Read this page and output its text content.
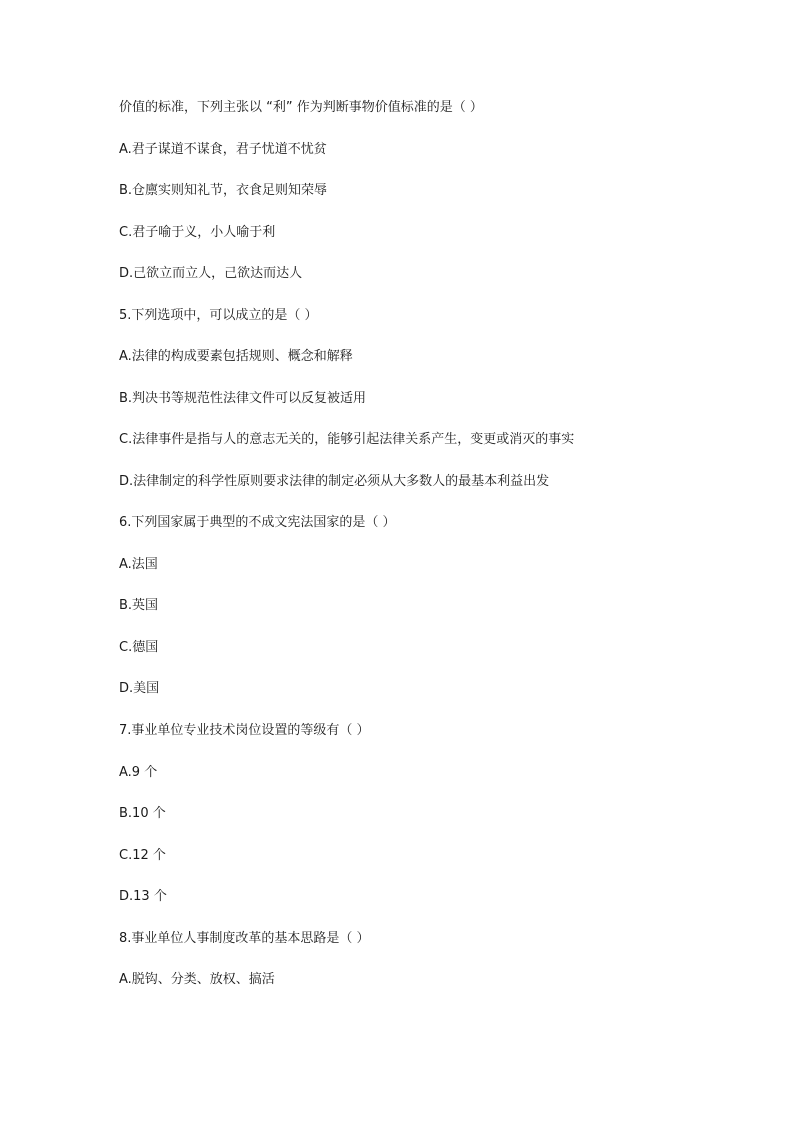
价值的标准，下列主张以 “利” 作为判断事物价值标准的是（ ）
A.君子谋道不谋食，君子忧道不忧贫
B.仓廪实则知礼节，衣食足则知荣辱
C.君子喻于义，小人喻于利
D.己欲立而立人，己欲达而达人
5.下列选项中，可以成立的是（ ）
A.法律的构成要素包括规则、概念和解释
B.判决书等规范性法律文件可以反复被适用
C.法律事件是指与人的意志无关的，能够引起法律关系产生，变更或消灭的事实
D.法律制定的科学性原则要求法律的制定必须从大多数人的最基本利益出发
6.下列国家属于典型的不成文宪法国家的是（ ）
A.法国
B.英国
C.德国
D.美国
7.事业单位专业技术岗位设置的等级有（ ）
A.9 个
B.10 个
C.12 个
D.13 个
8.事业单位人事制度改革的基本思路是（ ）
A.脱钩、分类、放权、搞活
